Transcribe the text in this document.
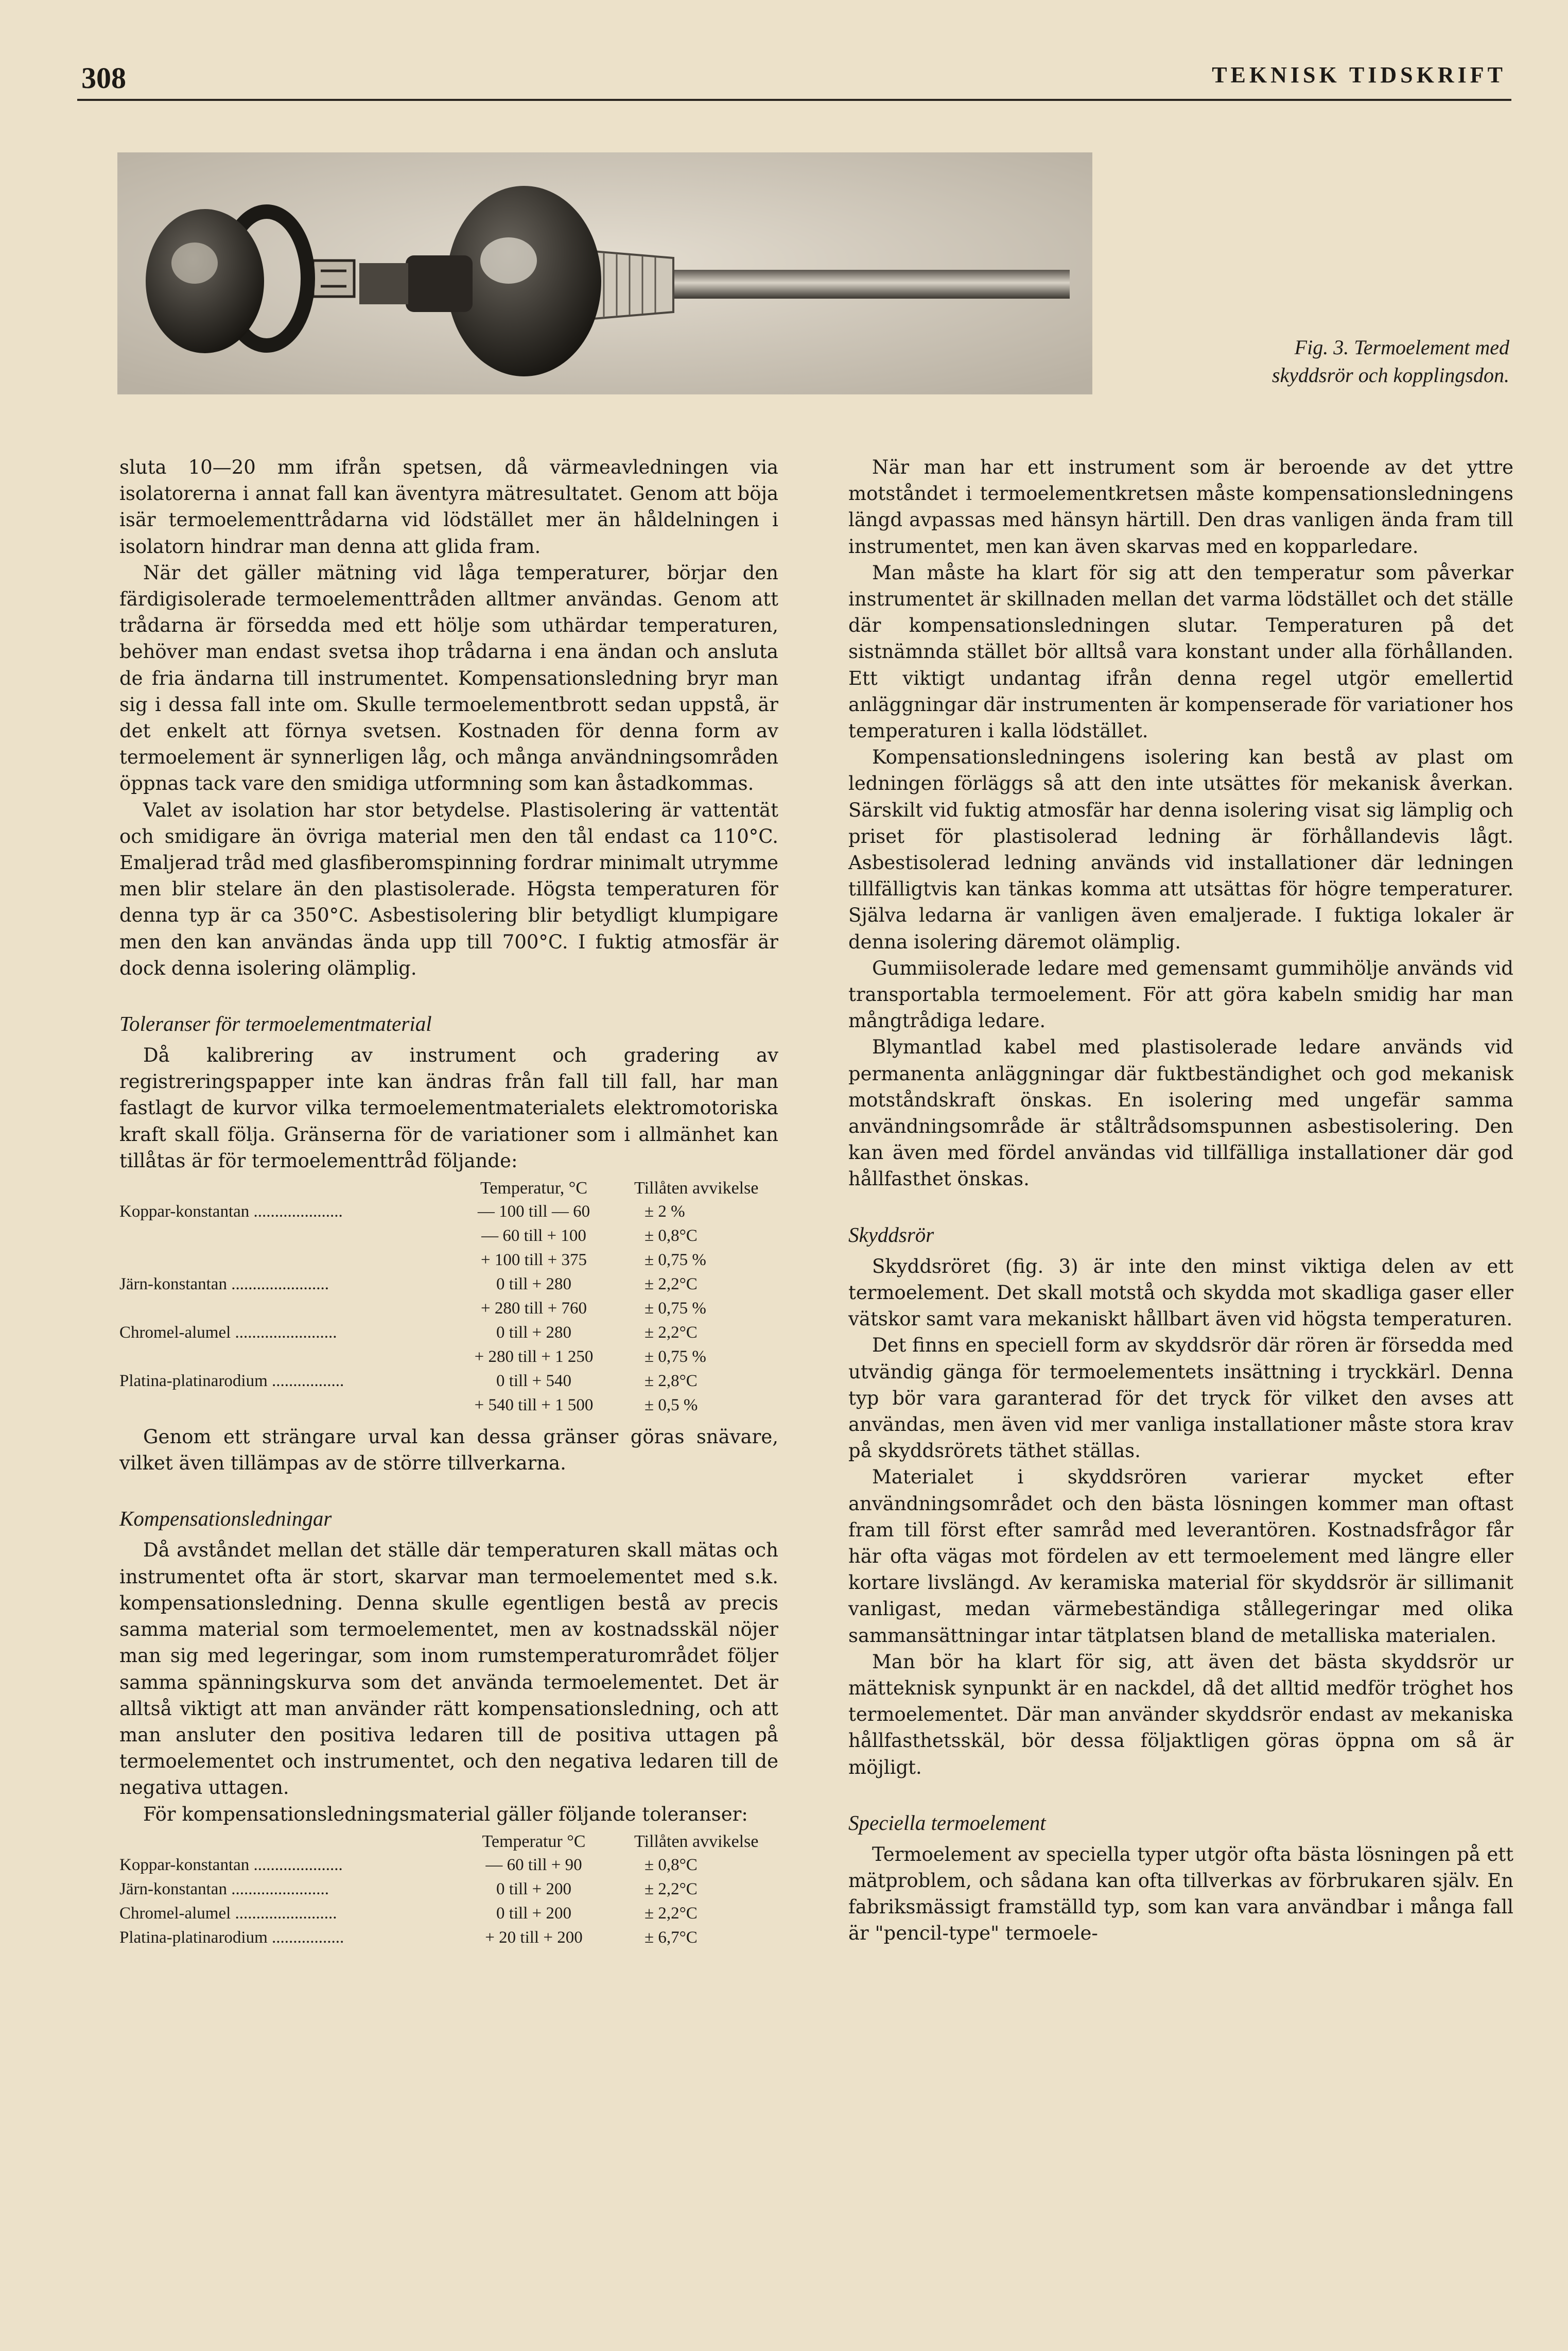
308	TEKNISK TIDSKRIFT
Fig. 3. Termoelement med
skyddsrör och kopplingsdon.

sluta 10—20 mm ifrån spetsen, då värmeavledningen via isolatorerna i annat fall kan äventyra mätresultatet. Genom att böja isär termoelementtrådarna vid lödstället mer än håldelningen i isolatorn hindrar man denna att glida fram.

När det gäller mätning vid låga temperaturer, börjar den färdigisolerade termoelementtråden alltmer användas. Genom att trådarna är försedda med ett hölje som uthärdar temperaturen, behöver man endast svetsa ihop trådarna i ena ändan och ansluta de fria ändarna till instrumentet. Kompensationsledning bryr man sig i dessa fall inte om. Skulle termoelementbrott sedan uppstå, är det enkelt att förnya svetsen. Kostnaden för denna form av termoelement är synnerligen låg, och många användningsområden öppnas tack vare den smidiga utformning som kan åstadkommas.

Valet av isolation har stor betydelse. Plastisolering är vattentät och smidigare än övriga material men den tål endast ca 110°C. Emaljerad tråd med glasfiberomspinning fordrar minimalt utrymme men blir stelare än den plastisolerade. Högsta temperaturen för denna typ är ca 350°C. Asbestisolering blir betydligt klumpigare men den kan användas ända upp till 700°C. I fuktig atmosfär är dock denna isolering olämplig.

Toleranser för termoelementmaterial

Då kalibrering av instrument och gradering av registreringspapper inte kan ändras från fall till fall, har man fastlagt de kurvor vilka termoelementmaterialets elektromotoriska kraft skall följa. Gränserna för de variationer som i allmänhet kan tillåtas är för termoelementtråd följande:

	Temperatur, °C	Tillåten avvikelse
Koppar-konstantan .....................	— 100 till — 60	± 2 %
	— 60 till + 100	± 0,8°C
	+ 100 till + 375	± 0,75 %
Järn-konstantan .......................	0 till + 280	± 2,2°C
	+ 280 till + 760	± 0,75 %
Chromel-alumel ........................	0 till + 280	± 2,2°C
	+ 280 till + 1 250	± 0,75 %
Platina-platinarodium .................	0 till + 540	± 2,8°C
	+ 540 till + 1 500	± 0,5 %

Genom ett strängare urval kan dessa gränser göras snävare, vilket även tillämpas av de större tillverkarna.

Kompensationsledningar

Då avståndet mellan det ställe där temperaturen skall mätas och instrumentet ofta är stort, skarvar man termoelementet med s.k. kompensationsledning. Denna skulle egentligen bestå av precis samma material som termoelementet, men av kostnadsskäl nöjer man sig med legeringar, som inom rumstemperaturområdet följer samma spänningskurva som det använda termoelementet. Det är alltså viktigt att man använder rätt kompensationsledning, och att man ansluter den positiva ledaren till de positiva uttagen på termoelementet och instrumentet, och den negativa ledaren till de negativa uttagen.

För kompensationsledningsmaterial gäller följande toleranser:

	Temperatur °C	Tillåten avvikelse
Koppar-konstantan .....................	— 60 till + 90	± 0,8°C
Järn-konstantan .......................	0 till + 200	± 2,2°C
Chromel-alumel ........................	0 till + 200	± 2,2°C
Platina-platinarodium .................	+ 20 till + 200	± 6,7°C

När man har ett instrument som är beroende av det yttre motståndet i termoelementkretsen måste kompensationsledningens längd avpassas med hänsyn härtill. Den dras vanligen ända fram till instrumentet, men kan även skarvas med en kopparledare.

Man måste ha klart för sig att den temperatur som påverkar instrumentet är skillnaden mellan det varma lödstället och det ställe där kompensationsledningen slutar. Temperaturen på det sistnämnda stället bör alltså vara konstant under alla förhållanden. Ett viktigt undantag ifrån denna regel utgör emellertid anläggningar där instrumenten är kompenserade för variationer hos temperaturen i kalla lödstället.

Kompensationsledningens isolering kan bestå av plast om ledningen förläggs så att den inte utsättes för mekanisk åverkan. Särskilt vid fuktig atmosfär har denna isolering visat sig lämplig och priset för plastisolerad ledning är förhållandevis lågt. Asbestisolerad ledning används vid installationer där ledningen tillfälligtvis kan tänkas komma att utsättas för högre temperaturer. Själva ledarna är vanligen även emaljerade. I fuktiga lokaler är denna isolering däremot olämplig.

Gummiisolerade ledare med gemensamt gummihölje används vid transportabla termoelement. För att göra kabeln smidig har man mångtrådiga ledare.

Blymantlad kabel med plastisolerade ledare används vid permanenta anläggningar där fuktbeständighet och god mekanisk motståndskraft önskas. En isolering med ungefär samma användningsområde är ståltrådsomspunnen asbestisolering. Den kan även med fördel användas vid tillfälliga installationer där god hållfasthet önskas.

Skyddsrör

Skyddsröret (fig. 3) är inte den minst viktiga delen av ett termoelement. Det skall motstå och skydda mot skadliga gaser eller vätskor samt vara mekaniskt hållbart även vid högsta temperaturen.

Det finns en speciell form av skyddsrör där rören är försedda med utvändig gänga för termoelementets insättning i tryckkärl. Denna typ bör vara garanterad för det tryck för vilket den avses att användas, men även vid mer vanliga installationer måste stora krav på skyddsrörets täthet ställas.

Materialet i skyddsrören varierar mycket efter användningsområdet och den bästa lösningen kommer man oftast fram till först efter samråd med leverantören. Kostnadsfrågor får här ofta vägas mot fördelen av ett termoelement med längre eller kortare livslängd. Av keramiska material för skyddsrör är sillimanit vanligast, medan värmebeständiga stållegeringar med olika sammansättningar intar tätplatsen bland de metalliska materialen.

Man bör ha klart för sig, att även det bästa skyddsrör ur mätteknisk synpunkt är en nackdel, då det alltid medför tröghet hos termoelementet. Där man använder skyddsrör endast av mekaniska hållfasthetsskäl, bör dessa följaktligen göras öppna om så är möjligt.

Speciella termoelement

Termoelement av speciella typer utgör ofta bästa lösningen på ett mätproblem, och sådana kan ofta tillverkas av förbrukaren själv. En fabriksmässigt framställd typ, som kan vara användbar i många fall är "pencil-type" termoele-
